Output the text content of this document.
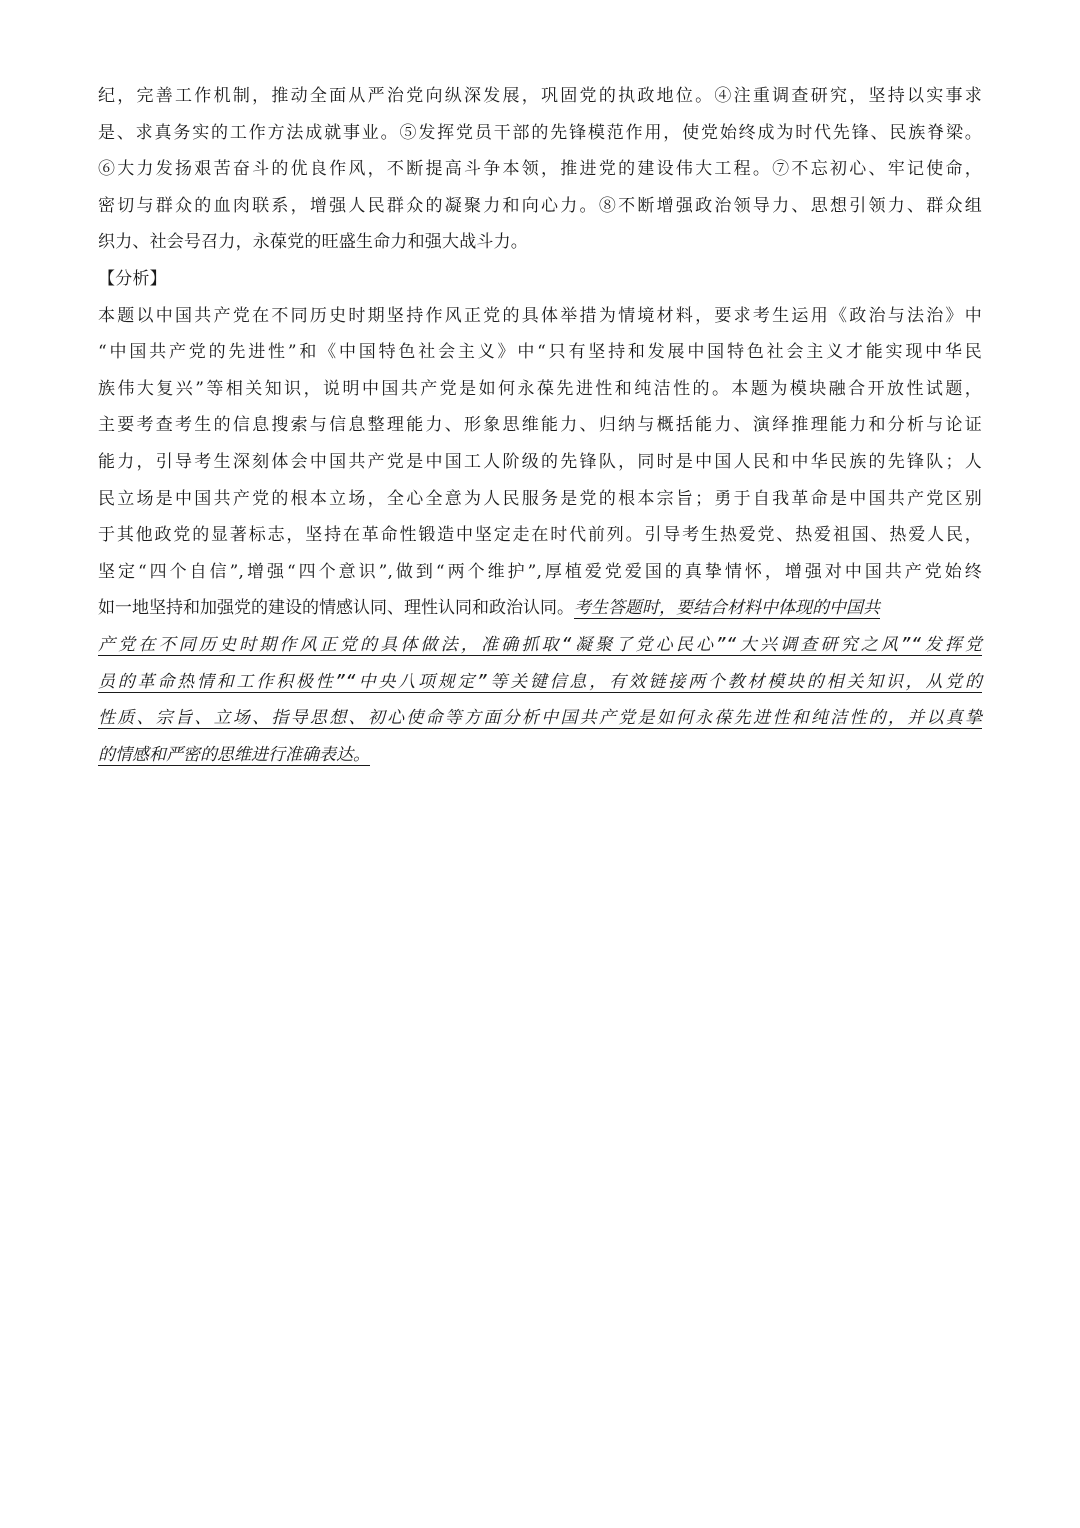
纪，完善工作机制，推动全面从严治党向纵深发展，巩固党的执政地位。④注重调查研究，坚持以实事求
是、求真务实的工作方法成就事业。⑤发挥党员干部的先锋模范作用，使党始终成为时代先锋、民族脊梁。
⑥大力发扬艰苦奋斗的优良作风，不断提高斗争本领，推进党的建设伟大工程。⑦不忘初心、牢记使命，
密切与群众的血肉联系，增强人民群众的凝聚力和向心力。⑧不断增强政治领导力、思想引领力、群众组
织力、社会号召力，永葆党的旺盛生命力和强大战斗力。
【分析】
本题以中国共产党在不同历史时期坚持作风正党的具体举措为情境材料，要求考生运用《政治与法治》中
“中国共产党的先进性”和《中国特色社会主义》中“只有坚持和发展中国特色社会主义才能实现中华民
族伟大复兴”等相关知识，说明中国共产党是如何永葆先进性和纯洁性的。本题为模块融合开放性试题，
主要考查考生的信息搜索与信息整理能力、形象思维能力、归纳与概括能力、演绎推理能力和分析与论证
能力，引导考生深刻体会中国共产党是中国工人阶级的先锋队，同时是中国人民和中华民族的先锋队；人
民立场是中国共产党的根本立场，全心全意为人民服务是党的根本宗旨；勇于自我革命是中国共产党区别
于其他政党的显著标志，坚持在革命性锻造中坚定走在时代前列。引导考生热爱党、热爱祖国、热爱人民，
坚定“四个自信”,增强“四个意识”,做到“两个维护”,厚植爱党爱国的真挚情怀，增强对中国共产党始终
如一地坚持和加强党的建设的情感认同、理性认同和政治认同。考生答题时，要结合材料中体现的中国共
产党在不同历史时期作风正党的具体做法，准确抓取“凝聚了党心民心”“大兴调查研究之风”“发挥党
员的革命热情和工作积极性”“中央八项规定”等关键信息，有效链接两个教材模块的相关知识，从党的
性质、宗旨、立场、指导思想、初心使命等方面分析中国共产党是如何永葆先进性和纯洁性的，并以真挚
的情感和严密的思维进行准确表达。
